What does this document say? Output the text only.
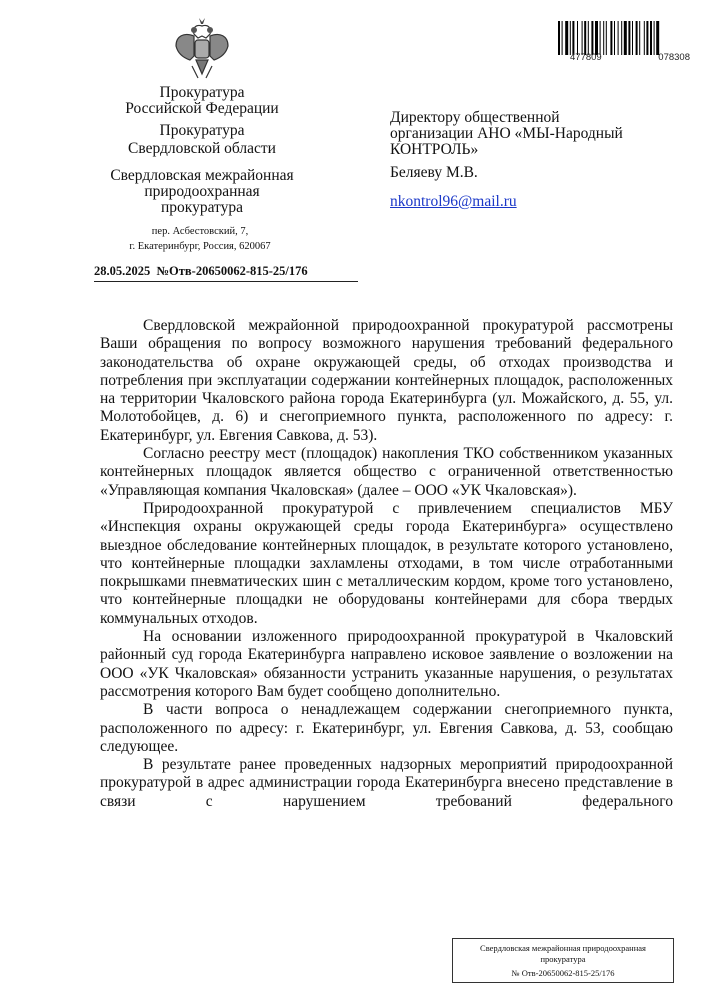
477809	078308
Прокуратура
Российской Федерации
Прокуратура
Свердловской области
Свердловская межрайонная
природоохранная
прокуратура
пер. Асбестовский, 7,
г. Екатеринбург, Россия, 620067
28.05.2025 №Отв-20650062-815-25/176
Директору общественной
организации АНО «МЫ-Народный
КОНТРОЛЬ»
Беляеву М.В.
nkontrol96@mail.ru

Свердловской межрайонной природоохранной прокуратурой рассмотрены Ваши обращения по вопросу возможного нарушения требований федерального законодательства об охране окружающей среды, об отходах производства и потребления при эксплуатации содержании контейнерных площадок, расположенных на территории Чкаловского района города Екатеринбурга (ул. Можайского, д. 55, ул. Молотобойцев, д. 6) и снегоприемного пункта, расположенного по адресу: г. Екатеринбург, ул. Евгения Савкова, д. 53).

Согласно реестру мест (площадок) накопления ТКО собственником указанных контейнерных площадок является общество с ограниченной ответственностью «Управляющая компания Чкаловская» (далее – ООО «УК Чкаловская»).

Природоохранной прокуратурой с привлечением специалистов МБУ «Инспекция охраны окружающей среды города Екатеринбурга» осуществлено выездное обследование контейнерных площадок, в результате которого установлено, что контейнерные площадки захламлены отходами, в том числе отработанными покрышками пневматических шин с металлическим кордом, кроме того установлено, что контейнерные площадки не оборудованы контейнерами для сбора твердых коммунальных отходов.

На основании изложенного природоохранной прокуратурой в Чкаловский районный суд города Екатеринбурга направлено исковое заявление о возложении на ООО «УК Чкаловская» обязанности устранить указанные нарушения, о результатах рассмотрения которого Вам будет сообщено дополнительно.

В части вопроса о ненадлежащем содержании снегоприемного пункта, расположенного по адресу: г. Екатеринбург, ул. Евгения Савкова, д. 53, сообщаю следующее.

В результате ранее проведенных надзорных мероприятий природоохранной прокуратурой в адрес администрации города Екатеринбурга внесено представление в связи с нарушением требований федерального

Свердловская межрайонная природоохранная
прокуратура
№ Отв-20650062-815-25/176
